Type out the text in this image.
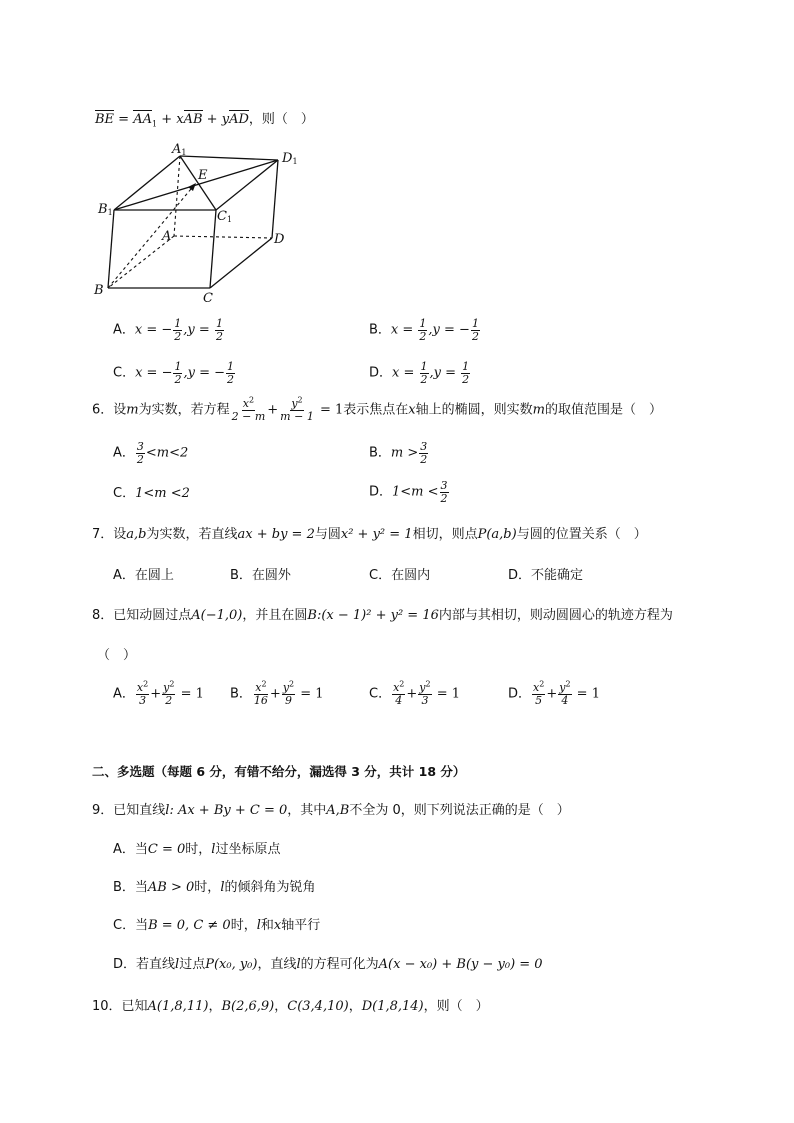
BE = $AA_1$ + xAB + yAD，则（　）
A1	D1
E
B1	C1
A	D
B
C
A．x = − $\frac{1}{2} ,y = \frac{1}{2}$	B．$x = \frac{1}{2} ,y$ = − $\frac{1}{2}$
C．x = − $\frac{1}{2} ,y$ = − $\frac{1}{2}$	D．$x = \frac{1}{2} ,y = \frac{1}{2}$
6．设m为实数，若方程 $\frac{x^2}{2 - m} + \frac{y^2}{m - 1} = 1$表示焦点在x轴上的椭圆，则实数m的取值范围是（　）
A． $\frac{3}{2} <m<2$	B．$m > \frac{3}{2}$
C．1<m <2	D．$1<m < \frac{3}{2}$
7．设a,b为实数，若直线ax + by = 2与圆x² + y² = 1相切，则点P(a,b)与圆的位置关系（　）
A．在圆上	B．在圆外	C．在圆内	D．不能确定
8．已知动圆过点A(−1,0)，并且在圆B:(x − 1)² + y² = 16内部与其相切，则动圆圆心的轨迹方程为
（　）
A． $\frac{x^2}{3} + \frac{y^2}{2} = 1$ B． $\frac{x^2}{16} + \frac{y^2}{9} = 1$	C． $\frac{x^2}{4} + \frac{y^2}{3} = 1$	D． $\frac{x^2}{5} + \frac{y^2}{4} = 1$
二、多选题（每题 6 分，有错不给分，漏选得 3 分，共计 18 分）
9．已知直线l: Ax + By + C = 0，其中A,B不全为 0，则下列说法正确的是（　）
A．当C = 0时，l过坐标原点
B．当AB > 0时，l的倾斜角为锐角
C．当B = 0, C ≠ 0时，l和x轴平行
D．若直线l过点P(x₀, y₀)，直线l的方程可化为A(x − x₀) + B(y − y₀) = 0
10．已知A(1,8,11)，B(2,6,9)，C(3,4,10)，D(1,8,14)，则（　）
